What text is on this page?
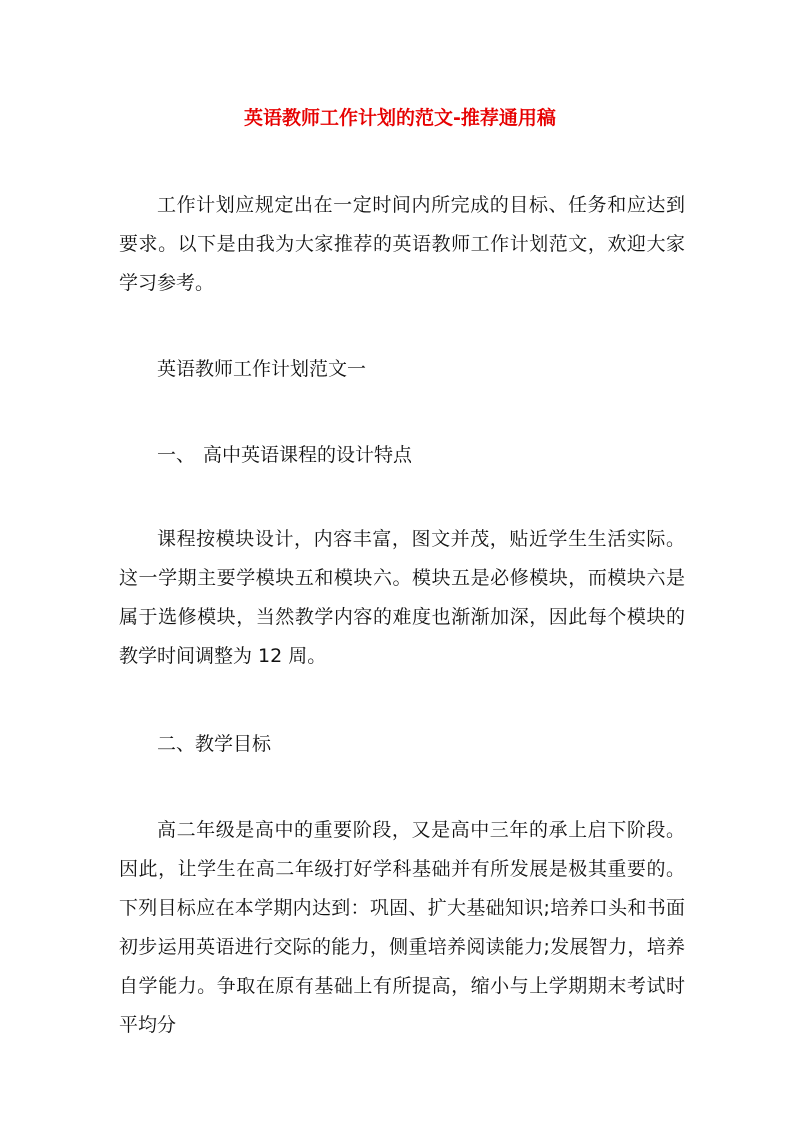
英语教师工作计划的范文-推荐通用稿

工作计划应规定出在一定时间内所完成的目标、任务和应达到要求。以下是由我为大家推荐的英语教师工作计划范文，欢迎大家学习参考。

英语教师工作计划范文一

一、 高中英语课程的设计特点

课程按模块设计，内容丰富，图文并茂，贴近学生生活实际。这一学期主要学模块五和模块六。模块五是必修模块，而模块六是属于选修模块，当然教学内容的难度也渐渐加深，因此每个模块的教学时间调整为 12 周。

二、教学目标

高二年级是高中的重要阶段，又是高中三年的承上启下阶段。因此，让学生在高二年级打好学科基础并有所发展是极其重要的。下列目标应在本学期内达到：巩固、扩大基础知识;培养口头和书面初步运用英语进行交际的能力，侧重培养阅读能力;发展智力，培养自学能力。争取在原有基础上有所提高，缩小与上学期期末考试时平均分
